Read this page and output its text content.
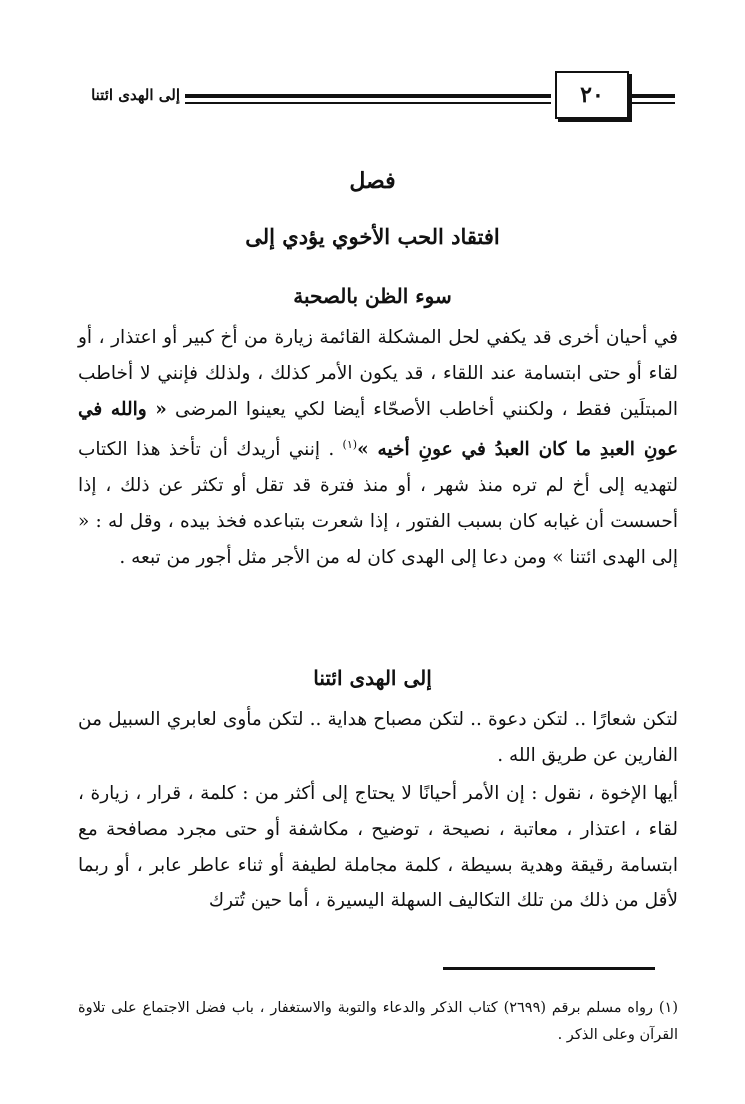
إلى الهدى ائتنا	٢٠
فصل
افتقاد الحب الأخوي يؤدي إلى
سوء الظن بالصحبة
في أحيان أخرى قد يكفي لحل المشكلة القائمة زيارة من أخ كبير أو اعتذار ، أو لقاء أو حتى ابتسامة عند اللقاء ، قد يكون الأمر كذلك ، ولذلك فإنني لا أخاطب المبتلَين فقط ، ولكنني أخاطب الأصحّاء أيضا لكي يعينوا المرضى « والله في عونِ العبدِ ما كان العبدُ في عونِ أخيه »$^{(١)}$ . إنني أريدك أن تأخذ هذا الكتاب لتهديه إلى أخ لم تره منذ شهر ، أو منذ فترة قد تقل أو تكثر عن ذلك ، إذا أحسست أن غيابه كان بسبب الفتور ، إذا شعرت بتباعده فخذ بيده ، وقل له : « إلى الهدى ائتنا » ومن دعا إلى الهدى كان له من الأجر مثل أجور من تبعه .
إلى الهدى ائتنا
لتكن شعارًا .. لتكن دعوة .. لتكن مصباح هداية .. لتكن مأوى لعابري السبيل من الفارين عن طريق الله .
أيها الإخوة ، نقول : إن الأمر أحيانًا لا يحتاج إلى أكثر من : كلمة ، قرار ، زيارة ، لقاء ، اعتذار ، معاتبة ، نصيحة ، توضيح ، مكاشفة أو حتى مجرد مصافحة مع ابتسامة رقيقة وهدية بسيطة ، كلمة مجاملة لطيفة أو ثناء عاطر عابر ، أو ربما لأقل من ذلك من تلك التكاليف السهلة اليسيرة ، أما حين تُترك
(١) رواه مسلم برقم (٢٦٩٩) كتاب الذكر والدعاء والتوبة والاستغفار ، باب فضل الاجتماع على تلاوة القرآن وعلى الذكر .
